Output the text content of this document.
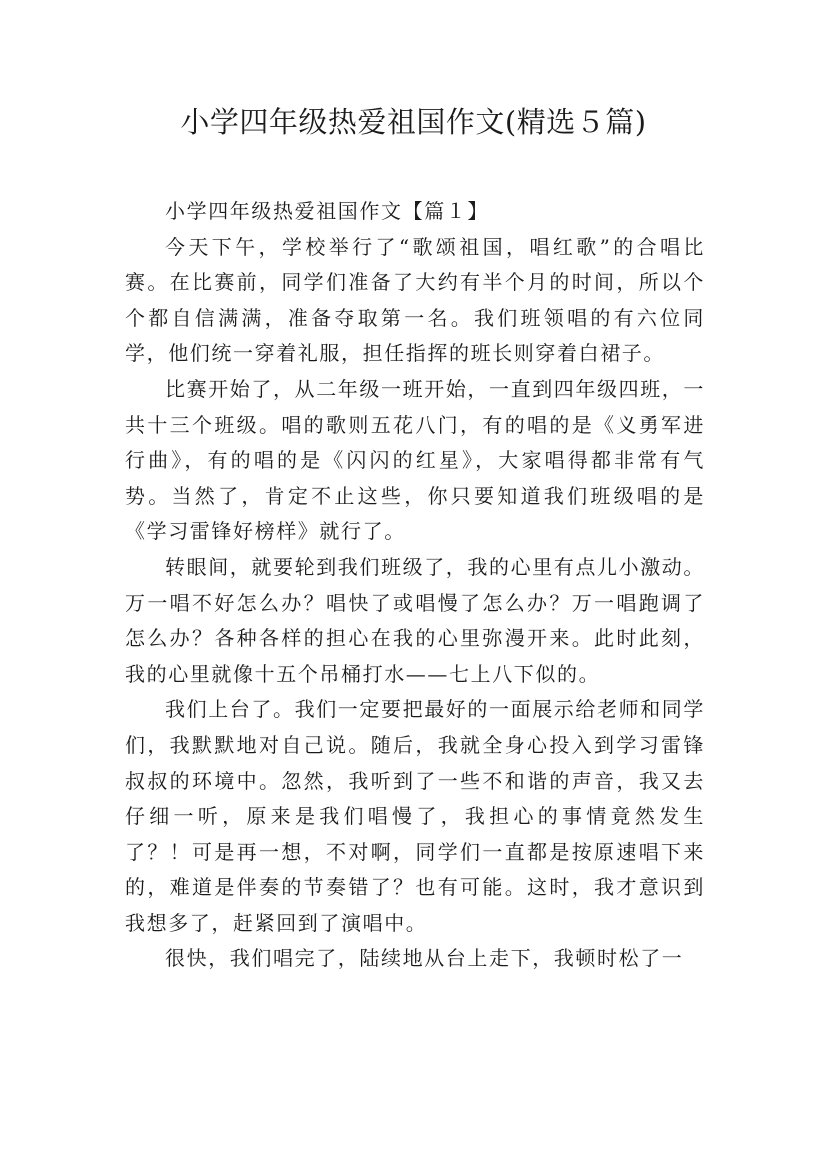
小学四年级热爱祖国作文(精选５篇)

小学四年级热爱祖国作文【篇１】

今天下午，学校举行了“歌颂祖国，唱红歌”的合唱比赛。在比赛前，同学们准备了大约有半个月的时间，所以个个都自信满满，准备夺取第一名。我们班领唱的有六位同学，他们统一穿着礼服，担任指挥的班长则穿着白裙子。

比赛开始了，从二年级一班开始，一直到四年级四班，一共十三个班级。唱的歌则五花八门，有的唱的是《义勇军进行曲》，有的唱的是《闪闪的红星》，大家唱得都非常有气势。当然了，肯定不止这些，你只要知道我们班级唱的是《学习雷锋好榜样》就行了。

转眼间，就要轮到我们班级了，我的心里有点儿小激动。万一唱不好怎么办？唱快了或唱慢了怎么办？万一唱跑调了怎么办？各种各样的担心在我的心里弥漫开来。此时此刻，我的心里就像十五个吊桶打水——七上八下似的。

我们上台了。我们一定要把最好的一面展示给老师和同学们，我默默地对自己说。随后，我就全身心投入到学习雷锋叔叔的环境中。忽然，我听到了一些不和谐的声音，我又去仔细一听，原来是我们唱慢了，我担心的事情竟然发生了？！可是再一想，不对啊，同学们一直都是按原速唱下来的，难道是伴奏的节奏错了？也有可能。这时，我才意识到我想多了，赶紧回到了演唱中。

很快，我们唱完了，陆续地从台上走下，我顿时松了一
